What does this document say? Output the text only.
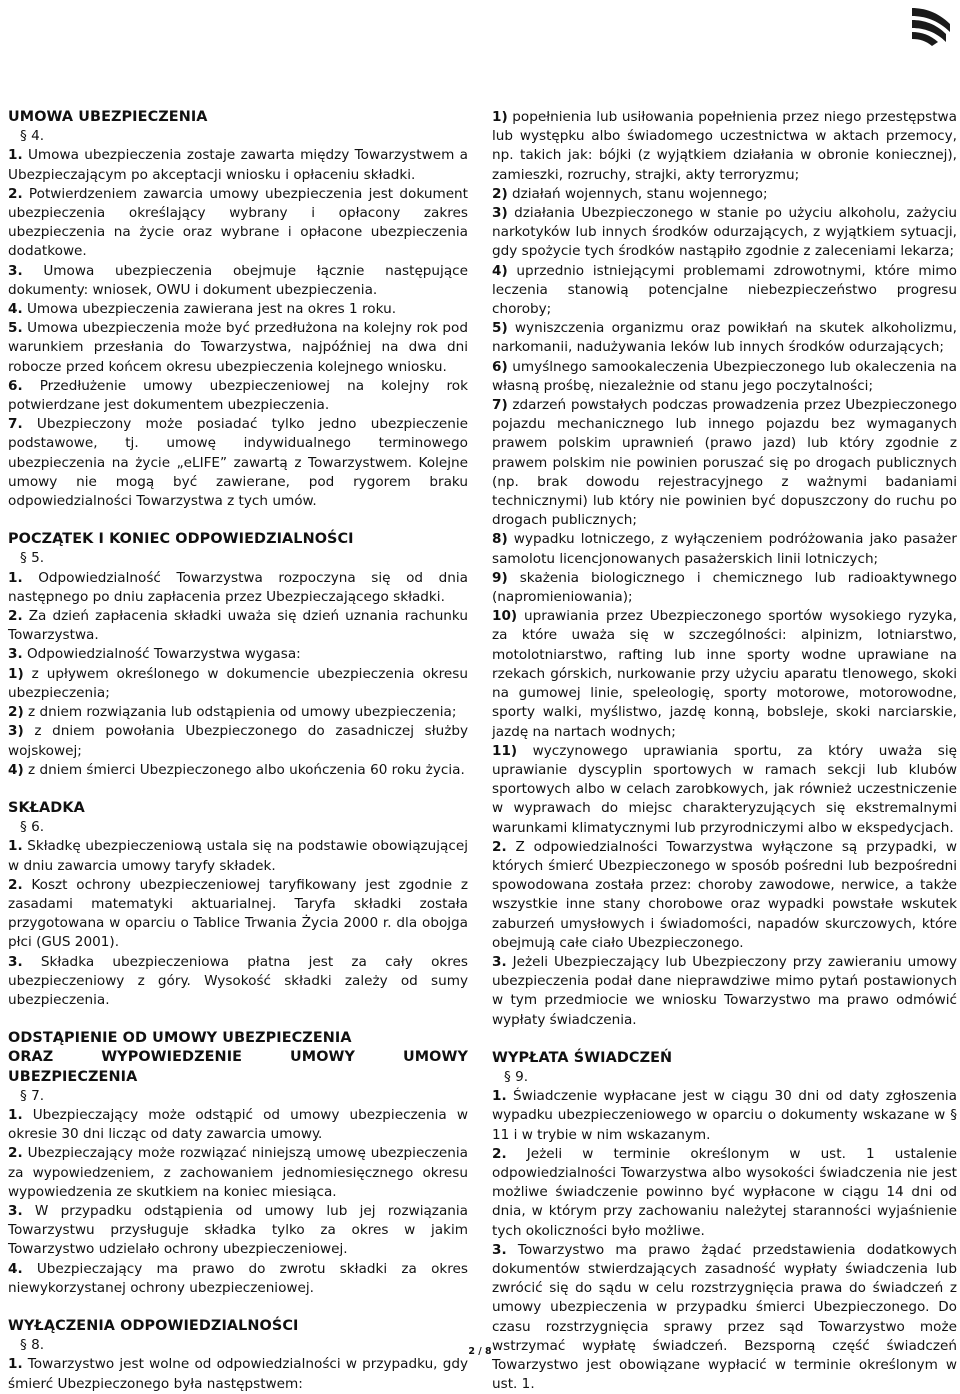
UMOWA UBEZPIECZENIA
§ 4.
1. Umowa ubezpieczenia zostaje zawarta między Towarzystwem a Ubezpieczającym po akceptacji wniosku i opłaceniu składki.
2. Potwierdzeniem zawarcia umowy ubezpieczenia jest dokument ubezpieczenia określający wybrany i opłacony zakres ubezpieczenia na życie oraz wybrane i opłacone ubezpieczenia dodatkowe.
3. Umowa ubezpieczenia obejmuje łącznie następujące dokumenty: wniosek, OWU i dokument ubezpieczenia.
4. Umowa ubezpieczenia zawierana jest na okres 1 roku.
5. Umowa ubezpieczenia może być przedłużona na kolejny rok pod warunkiem przesłania do Towarzystwa, najpóźniej na dwa dni robocze przed końcem okresu ubezpieczenia kolejnego wniosku.
6. Przedłużenie umowy ubezpieczeniowej na kolejny rok potwierdzane jest dokumentem ubezpieczenia.
7. Ubezpieczony może posiadać tylko jedno ubezpieczenie podstawowe, tj. umowę indywidualnego terminowego ubezpieczenia na życie „eLIFE” zawartą z Towarzystwem. Kolejne umowy nie mogą być zawierane, pod rygorem braku odpowiedzialności Towarzystwa z tych umów.
POCZĄTEK I KONIEC ODPOWIEDZIALNOŚCI
§ 5.
1. Odpowiedzialność Towarzystwa rozpoczyna się od dnia następnego po dniu zapłacenia przez Ubezpieczającego składki.
2. Za dzień zapłacenia składki uważa się dzień uznania rachunku Towarzystwa.
3. Odpowiedzialność Towarzystwa wygasa:
1) z upływem określonego w dokumencie ubezpieczenia okresu ubezpieczenia;
2) z dniem rozwiązania lub odstąpienia od umowy ubezpieczenia;
3) z dniem powołania Ubezpieczonego do zasadniczej służby wojskowej;
4) z dniem śmierci Ubezpieczonego albo ukończenia 60 roku życia.
SKŁADKA
§ 6.
1. Składkę ubezpieczeniową ustala się na podstawie obowiązującej w dniu zawarcia umowy taryfy składek.
2. Koszt ochrony ubezpieczeniowej taryfikowany jest zgodnie z zasadami matematyki aktuarialnej. Taryfa składki została przygotowana w oparciu o Tablice Trwania Życia 2000 r. dla obojga płci (GUS 2001).
3. Składka ubezpieczeniowa płatna jest za cały okres ubezpieczeniowy z góry. Wysokość składki zależy od sumy ubezpieczenia.
ODSTĄPIENIE OD UMOWY UBEZPIECZENIA
ORAZ WYPOWIEDZENIE UMOWY UMOWY UBEZPIECZENIA
§ 7.
1. Ubezpieczający może odstąpić od umowy ubezpieczenia w okresie 30 dni licząc od daty zawarcia umowy.
2. Ubezpieczający może rozwiązać niniejszą umowę ubezpieczenia za wypowiedzeniem, z zachowaniem jednomiesięcznego okresu wypowiedzenia ze skutkiem na koniec miesiąca.
3. W przypadku odstąpienia od umowy lub jej rozwiązania Towarzystwu przysługuje składka tylko za okres w jakim Towarzystwo udzielało ochrony ubezpieczeniowej.
4. Ubezpieczający ma prawo do zwrotu składki za okres niewykorzystanej ochrony ubezpieczeniowej.
WYŁĄCZENIA ODPOWIEDZIALNOŚCI
§ 8.
1. Towarzystwo jest wolne od odpowiedzialności w przypadku, gdy śmierć Ubezpieczonego była następstwem:
1) popełnienia lub usiłowania popełnienia przez niego przestępstwa lub występku albo świadomego uczestnictwa w aktach przemocy, np. takich jak: bójki (z wyjątkiem działania w obronie koniecznej), zamieszki, rozruchy, strajki, akty terroryzmu;
2) działań wojennych, stanu wojennego;
3) działania Ubezpieczonego w stanie po użyciu alkoholu, zażyciu narkotyków lub innych środków odurzających, z wyjątkiem sytuacji, gdy spożycie tych środków nastąpiło zgodnie z zaleceniami lekarza;
4) uprzednio istniejącymi problemami zdrowotnymi, które mimo leczenia stanowią potencjalne niebezpieczeństwo progresu choroby;
5) wyniszczenia organizmu oraz powikłań na skutek alkoholizmu, narkomanii, nadużywania leków lub innych środków odurzających;
6) umyślnego samookaleczenia Ubezpieczonego lub okaleczenia na własną prośbę, niezależnie od stanu jego poczytalności;
7) zdarzeń powstałych podczas prowadzenia przez Ubezpieczonego pojazdu mechanicznego lub innego pojazdu bez wymaganych prawem polskim uprawnień (prawo jazd) lub który zgodnie z prawem polskim nie powinien poruszać się po drogach publicznych (np. brak dowodu rejestracyjnego z ważnymi badaniami technicznymi) lub który nie powinien być dopuszczony do ruchu po drogach publicznych;
8) wypadku lotniczego, z wyłączeniem podróżowania jako pasażer samolotu licencjonowanych pasażerskich linii lotniczych;
9) skażenia biologicznego i chemicznego lub radioaktywnego (napromieniowania);
10) uprawiania przez Ubezpieczonego sportów wysokiego ryzyka, za które uważa się w szczególności: alpinizm, lotniarstwo, motolotniarstwo, rafting lub inne sporty wodne uprawiane na rzekach górskich, nurkowanie przy użyciu aparatu tlenowego, skoki na gumowej linie, speleologię, sporty motorowe, motorowodne, sporty walki, myślistwo, jazdę konną, bobsleje, skoki narciarskie, jazdę na nartach wodnych;
11) wyczynowego uprawiania sportu, za który uważa się uprawianie dyscyplin sportowych w ramach sekcji lub klubów sportowych albo w celach zarobkowych, jak również uczestniczenie w wyprawach do miejsc charakteryzujących się ekstremalnymi warunkami klimatycznymi lub przyrodniczymi albo w ekspedycjach.
2. Z odpowiedzialności Towarzystwa wyłączone są przypadki, w których śmierć Ubezpieczonego w sposób pośredni lub bezpośredni spowodowana została przez: choroby zawodowe, nerwice, a także wszystkie inne stany chorobowe oraz wypadki powstałe wskutek zaburzeń umysłowych i świadomości, napadów skurczowych, które obejmują całe ciało Ubezpieczonego.
3. Jeżeli Ubezpieczający lub Ubezpieczony przy zawieraniu umowy ubezpieczenia podał dane nieprawdziwe mimo pytań postawionych w tym przedmiocie we wniosku Towarzystwo ma prawo odmówić wypłaty świadczenia.
WYPŁATA ŚWIADCZEŃ
§ 9.
1. Świadczenie wypłacane jest w ciągu 30 dni od daty zgłoszenia wypadku ubezpieczeniowego w oparciu o dokumenty wskazane w § 11 i w trybie w nim wskazanym.
2. Jeżeli w terminie określonym w ust. 1 ustalenie odpowiedzialności Towarzystwa albo wysokości świadczenia nie jest możliwe świadczenie powinno być wypłacone w ciągu 14 dni od dnia, w którym przy zachowaniu należytej staranności wyjaśnienie tych okoliczności było możliwe.
3. Towarzystwo ma prawo żądać przedstawienia dodatkowych dokumentów stwierdzających zasadność wypłaty świadczenia lub zwrócić się do sądu w celu rozstrzygnięcia prawa do świadczeń z umowy ubezpieczenia w przypadku śmierci Ubezpieczonego. Do czasu rozstrzygnięcia sprawy przez sąd Towarzystwo może wstrzymać wypłatę świadczeń. Bezsporną część świadczeń Towarzystwo jest obowiązane wypłacić w terminie określonym w ust. 1.
2 / 8
